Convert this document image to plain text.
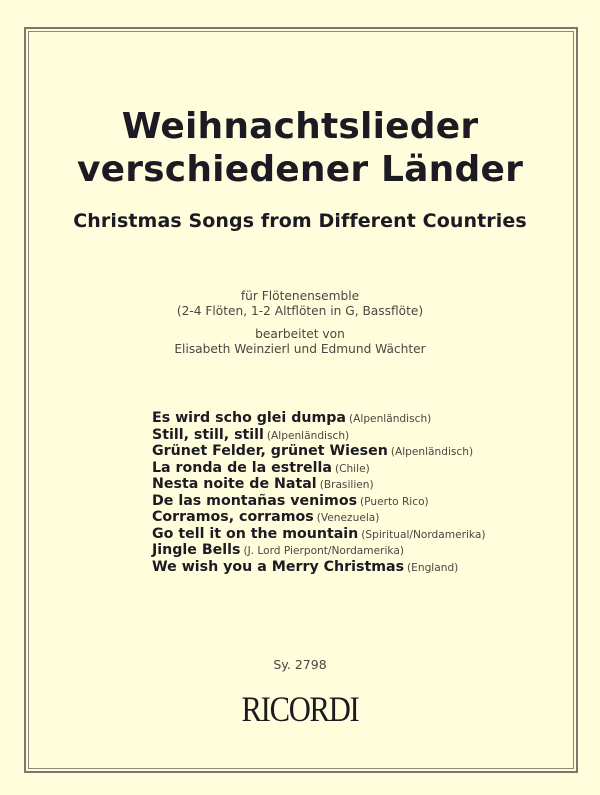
Weihnachtslieder
verschiedener Länder
Christmas Songs from Different Countries
für Flötenensemble
(2-4 Flöten, 1-2 Altflöten in G, Bassflöte)
bearbeitet von
Elisabeth Weinzierl und Edmund Wächter
Es wird scho glei dumpa (Alpenländisch)
Still, still, still (Alpenländisch)
Grünet Felder, grünet Wiesen (Alpenländisch)
La ronda de la estrella (Chile)
Nesta noite de Natal (Brasilien)
De las montañas venimos (Puerto Rico)
Corramos, corramos (Venezuela)
Go tell it on the mountain (Spiritual/Nordamerika)
Jingle Bells (J. Lord Pierpont/Nordamerika)
We wish you a Merry Christmas (England)
Sy. 2798
RICORDI
